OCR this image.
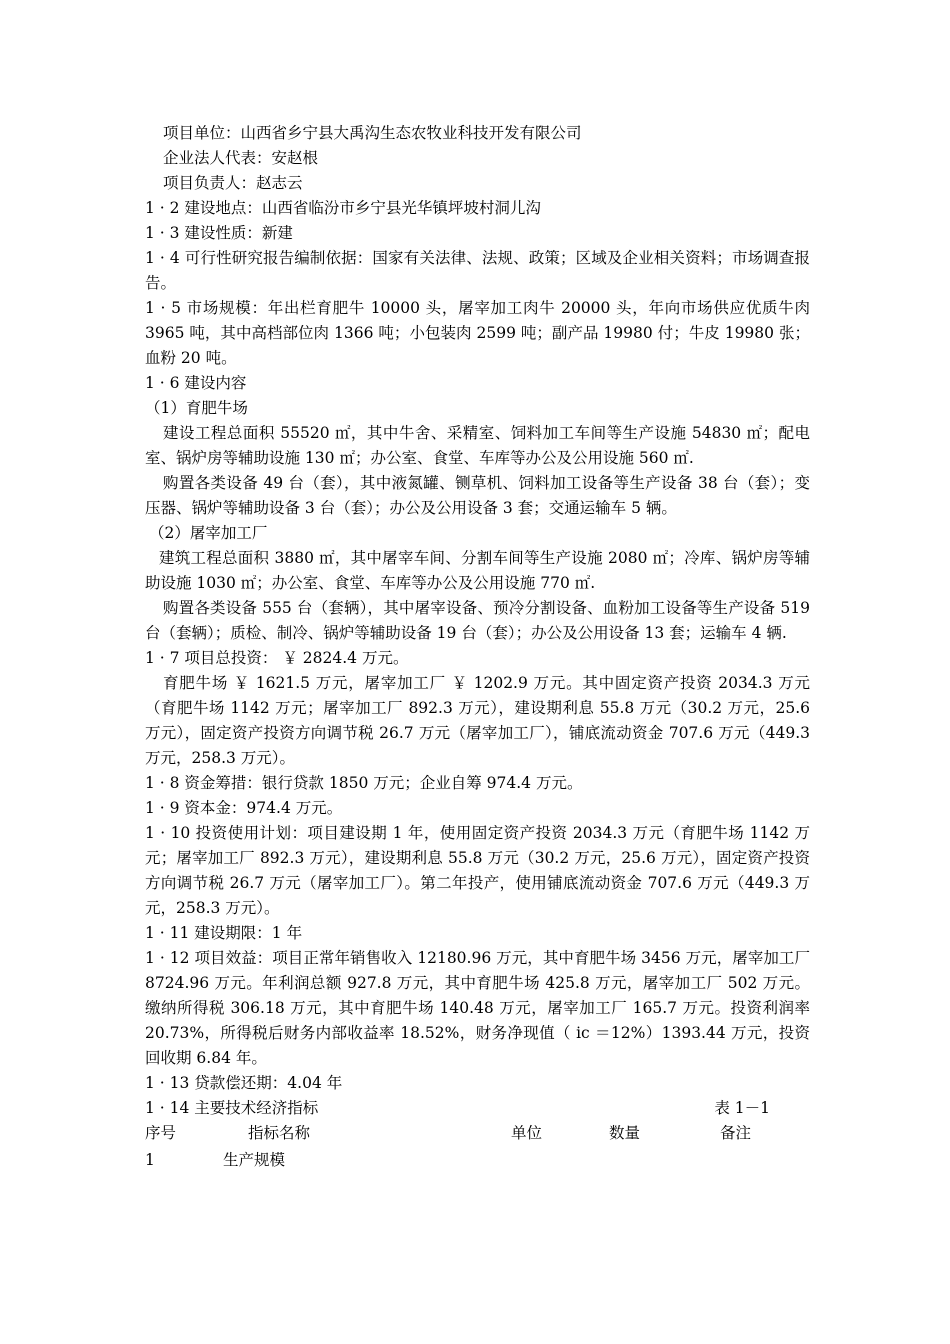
项目单位：山西省乡宁县大禹沟生态农牧业科技开发有限公司

企业法人代表：安赵根

项目负责人：赵志云

1 · 2 建设地点：山西省临汾市乡宁县光华镇坪坡村洞儿沟

1 · 3 建设性质：新建

1 · 4 可行性研究报告编制依据：国家有关法律、法规、政策；区域及企业相关资料；市场调查报告。

1 · 5 市场规模：年出栏育肥牛 10000 头，屠宰加工肉牛 20000 头，年向市场供应优质牛肉 3965 吨，其中高档部位肉 1366 吨；小包装肉 2599 吨；副产品 19980 付；牛皮 19980 张；血粉 20 吨。

1 · 6 建设内容

（1）育肥牛场

建设工程总面积 55520 ㎡，其中牛舍、采精室、饲料加工车间等生产设施 54830 ㎡；配电室、锅炉房等辅助设施 130 ㎡；办公室、食堂、车库等办公及公用设施 560 ㎡.

购置各类设备 49 台（套），其中液氮罐、铡草机、饲料加工设备等生产设备 38 台（套）；变压器、锅炉等辅助设备 3 台（套）；办公及公用设备 3 套；交通运输车 5 辆。

（2）屠宰加工厂

建筑工程总面积 3880 ㎡，其中屠宰车间、分割车间等生产设施 2080 ㎡；冷库、锅炉房等辅助设施 1030 ㎡；办公室、食堂、车库等办公及公用设施 770 ㎡.

购置各类设备 555 台（套辆），其中屠宰设备、预冷分割设备、血粉加工设备等生产设备 519 台（套辆）；质检、制冷、锅炉等辅助设备 19 台（套）；办公及公用设备 13 套；运输车 4 辆.

1 · 7 项目总投资： ￥ 2824.4 万元。

育肥牛场 ￥ 1621.5 万元，屠宰加工厂 ￥ 1202.9 万元。其中固定资产投资 2034.3 万元（育肥牛场 1142 万元；屠宰加工厂 892.3 万元），建设期利息 55.8 万元（30.2 万元，25.6 万元），固定资产投资方向调节税 26.7 万元（屠宰加工厂），铺底流动资金 707.6 万元（449.3 万元，258.3 万元）。

1 · 8 资金筹措：银行贷款 1850 万元；企业自筹 974.4 万元。

1 · 9 资本金：974.4 万元。

1 · 10 投资使用计划：项目建设期 1 年，使用固定资产投资 2034.3 万元（育肥牛场 1142 万元；屠宰加工厂 892.3 万元），建设期利息 55.8 万元（30.2 万元，25.6 万元），固定资产投资方向调节税 26.7 万元（屠宰加工厂）。第二年投产，使用铺底流动资金 707.6 万元（449.3 万元，258.3 万元）。

1 · 11 建设期限：1 年

1 · 12 项目效益：项目正常年销售收入 12180.96 万元，其中育肥牛场 3456 万元，屠宰加工厂 8724.96 万元。年利润总额 927.8 万元，其中育肥牛场 425.8 万元，屠宰加工厂 502 万元。缴纳所得税 306.18 万元，其中育肥牛场 140.48 万元，屠宰加工厂 165.7 万元。投资利润率 20.73%，所得税后财务内部收益率 18.52%，财务净现值（ ic ＝12%）1393.44 万元，投资回收期 6.84 年。

1 · 13 贷款偿还期：4.04 年

1 · 14 主要技术经济指标	表 1－1
序号	指标名称	单位	数量	备注
1	生产规模
